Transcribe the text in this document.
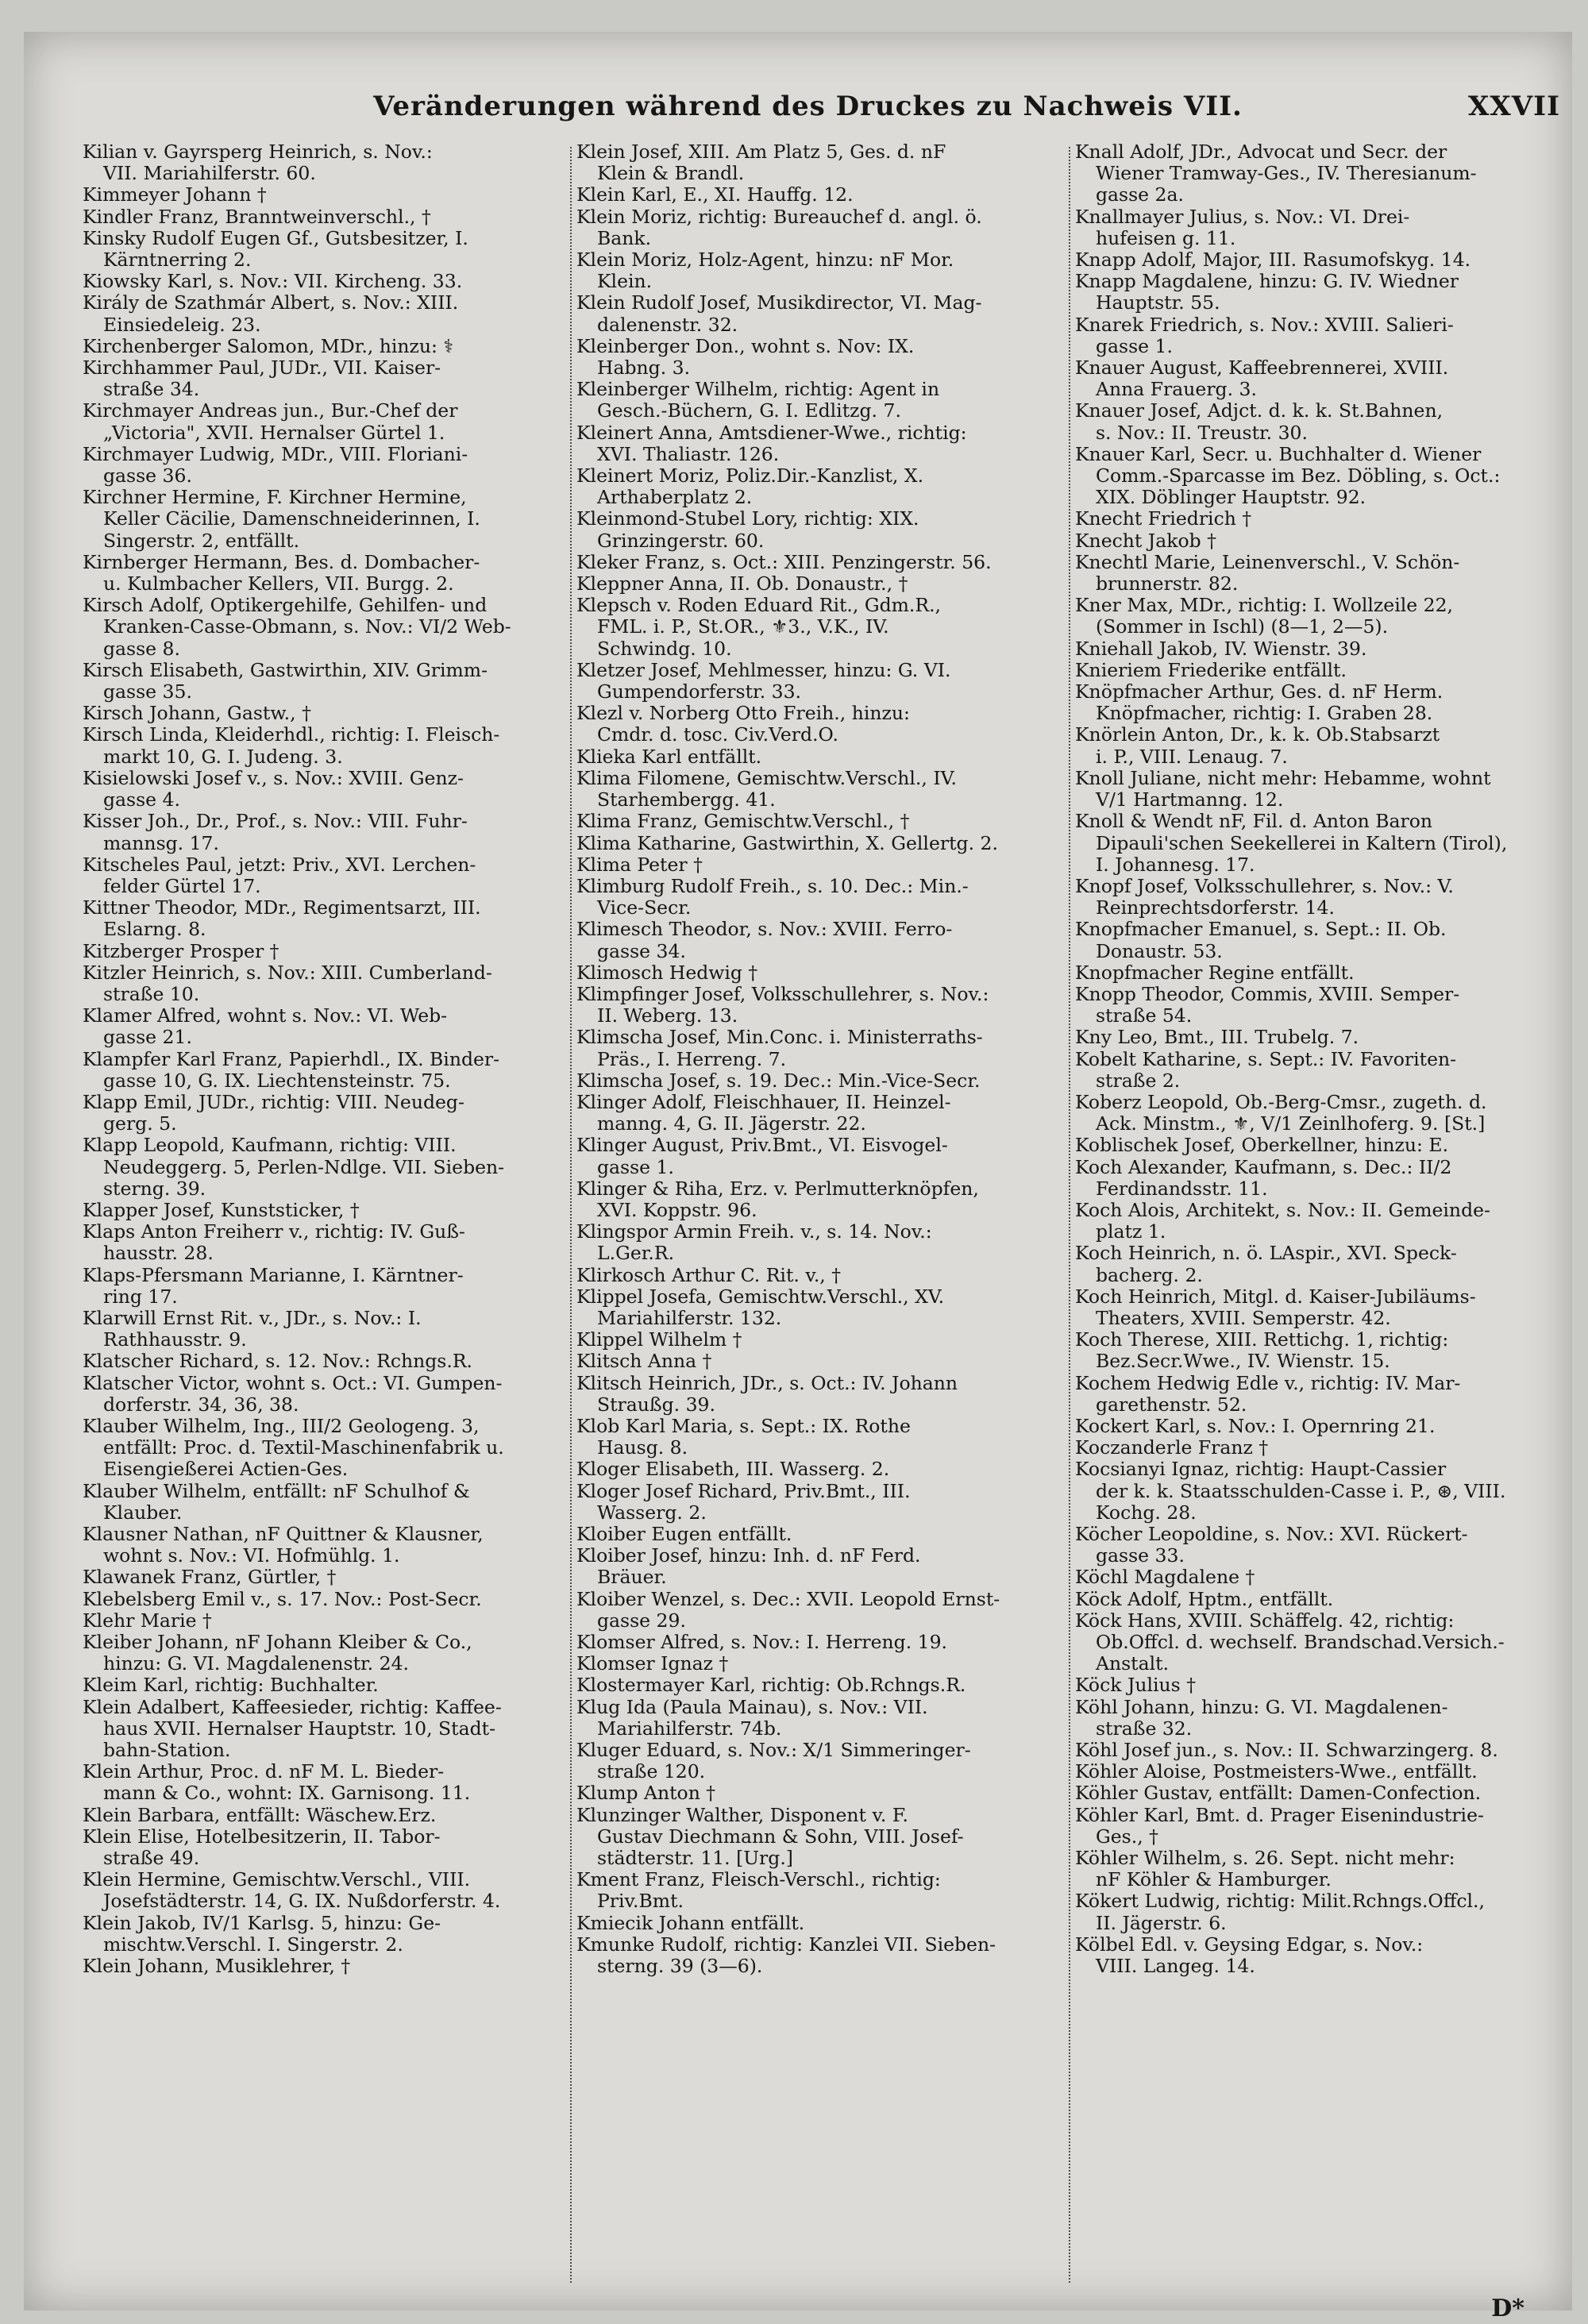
Veränderungen während des Druckes zu Nachweis VII.	XXVII
Kilian v. Gayrsperg Heinrich, s. Nov.:
VII. Mariahilferstr. 60.
Kimmeyer Johann †
Kindler Franz, Branntweinverschl., †
Kinsky Rudolf Eugen Gf., Gutsbesitzer, I.
Kärntnerring 2.
Kiowsky Karl, s. Nov.: VII. Kircheng. 33.
Király de Szathmár Albert, s. Nov.: XIII.
Einsiedeleig. 23.
Kirchenberger Salomon, MDr., hinzu: ⚕
Kirchhammer Paul, JUDr., VII. Kaiser-
straße 34.
Kirchmayer Andreas jun., Bur.-Chef der
„Victoria", XVII. Hernalser Gürtel 1.
Kirchmayer Ludwig, MDr., VIII. Floriani-
gasse 36.
Kirchner Hermine, F. Kirchner Hermine,
Keller Cäcilie, Damenschneiderinnen, I.
Singerstr. 2, entfällt.
Kirnberger Hermann, Bes. d. Dombacher-
u. Kulmbacher Kellers, VII. Burgg. 2.
Kirsch Adolf, Optikergehilfe, Gehilfen- und
Kranken-Casse-Obmann, s. Nov.: VI/2 Web-
gasse 8.
Kirsch Elisabeth, Gastwirthin, XIV. Grimm-
gasse 35.
Kirsch Johann, Gastw., †
Kirsch Linda, Kleiderhdl., richtig: I. Fleisch-
markt 10, G. I. Judeng. 3.
Kisielowski Josef v., s. Nov.: XVIII. Genz-
gasse 4.
Kisser Joh., Dr., Prof., s. Nov.: VIII. Fuhr-
mannsg. 17.
Kitscheles Paul, jetzt: Priv., XVI. Lerchen-
felder Gürtel 17.
Kittner Theodor, MDr., Regimentsarzt, III.
Eslarng. 8.
Kitzberger Prosper †
Kitzler Heinrich, s. Nov.: XIII. Cumberland-
straße 10.
Klamer Alfred, wohnt s. Nov.: VI. Web-
gasse 21.
Klampfer Karl Franz, Papierhdl., IX. Binder-
gasse 10, G. IX. Liechtensteinstr. 75.
Klapp Emil, JUDr., richtig: VIII. Neudeg-
gerg. 5.
Klapp Leopold, Kaufmann, richtig: VIII.
Neudeggerg. 5, Perlen-Ndlge. VII. Sieben-
sterng. 39.
Klapper Josef, Kunststicker, †
Klaps Anton Freiherr v., richtig: IV. Guß-
hausstr. 28.
Klaps-Pfersmann Marianne, I. Kärntner-
ring 17.
Klarwill Ernst Rit. v., JDr., s. Nov.: I.
Rathhausstr. 9.
Klatscher Richard, s. 12. Nov.: Rchngs.R.
Klatscher Victor, wohnt s. Oct.: VI. Gumpen-
dorferstr. 34, 36, 38.
Klauber Wilhelm, Ing., III/2 Geologeng. 3,
entfällt: Proc. d. Textil-Maschinenfabrik u.
Eisengießerei Actien-Ges.
Klauber Wilhelm, entfällt: nF Schulhof &
Klauber.
Klausner Nathan, nF Quittner & Klausner,
wohnt s. Nov.: VI. Hofmühlg. 1.
Klawanek Franz, Gürtler, †
Klebelsberg Emil v., s. 17. Nov.: Post-Secr.
Klehr Marie †
Kleiber Johann, nF Johann Kleiber & Co.,
hinzu: G. VI. Magdalenenstr. 24.
Kleim Karl, richtig: Buchhalter.
Klein Adalbert, Kaffeesieder, richtig: Kaffee-
haus XVII. Hernalser Hauptstr. 10, Stadt-
bahn-Station.
Klein Arthur, Proc. d. nF M. L. Bieder-
mann & Co., wohnt: IX. Garnisong. 11.
Klein Barbara, entfällt: Wäschew.Erz.
Klein Elise, Hotelbesitzerin, II. Tabor-
straße 49.
Klein Hermine, Gemischtw.Verschl., VIII.
Josefstädterstr. 14, G. IX. Nußdorferstr. 4.
Klein Jakob, IV/1 Karlsg. 5, hinzu: Ge-
mischtw.Verschl. I. Singerstr. 2.
Klein Johann, Musiklehrer, †
Klein Josef, XIII. Am Platz 5, Ges. d. nF
Klein & Brandl.
Klein Karl, E., XI. Hauffg. 12.
Klein Moriz, richtig: Bureauchef d. angl. ö.
Bank.
Klein Moriz, Holz-Agent, hinzu: nF Mor.
Klein.
Klein Rudolf Josef, Musikdirector, VI. Mag-
dalenenstr. 32.
Kleinberger Don., wohnt s. Nov: IX.
Habng. 3.
Kleinberger Wilhelm, richtig: Agent in
Gesch.-Büchern, G. I. Edlitzg. 7.
Kleinert Anna, Amtsdiener-Wwe., richtig:
XVI. Thaliastr. 126.
Kleinert Moriz, Poliz.Dir.-Kanzlist, X.
Arthaberplatz 2.
Kleinmond-Stubel Lory, richtig: XIX.
Grinzingerstr. 60.
Kleker Franz, s. Oct.: XIII. Penzingerstr. 56.
Kleppner Anna, II. Ob. Donaustr., †
Klepsch v. Roden Eduard Rit., Gdm.R.,
FML. i. P., St.OR., ⚜3., V.K., IV.
Schwindg. 10.
Kletzer Josef, Mehlmesser, hinzu: G. VI.
Gumpendorferstr. 33.
Klezl v. Norberg Otto Freih., hinzu:
Cmdr. d. tosc. Civ.Verd.O.
Klieka Karl entfällt.
Klima Filomene, Gemischtw.Verschl., IV.
Starhembergg. 41.
Klima Franz, Gemischtw.Verschl., †
Klima Katharine, Gastwirthin, X. Gellertg. 2.
Klima Peter †
Klimburg Rudolf Freih., s. 10. Dec.: Min.-
Vice-Secr.
Klimesch Theodor, s. Nov.: XVIII. Ferro-
gasse 34.
Klimosch Hedwig †
Klimpfinger Josef, Volksschullehrer, s. Nov.:
II. Weberg. 13.
Klimscha Josef, Min.Conc. i. Ministerraths-
Präs., I. Herreng. 7.
Klimscha Josef, s. 19. Dec.: Min.-Vice-Secr.
Klinger Adolf, Fleischhauer, II. Heinzel-
manng. 4, G. II. Jägerstr. 22.
Klinger August, Priv.Bmt., VI. Eisvogel-
gasse 1.
Klinger & Riha, Erz. v. Perlmutterknöpfen,
XVI. Koppstr. 96.
Klingspor Armin Freih. v., s. 14. Nov.:
L.Ger.R.
Klirkosch Arthur C. Rit. v., †
Klippel Josefa, Gemischtw.Verschl., XV.
Mariahilferstr. 132.
Klippel Wilhelm †
Klitsch Anna †
Klitsch Heinrich, JDr., s. Oct.: IV. Johann
Straußg. 39.
Klob Karl Maria, s. Sept.: IX. Rothe
Hausg. 8.
Kloger Elisabeth, III. Wasserg. 2.
Kloger Josef Richard, Priv.Bmt., III.
Wasserg. 2.
Kloiber Eugen entfällt.
Kloiber Josef, hinzu: Inh. d. nF Ferd.
Bräuer.
Kloiber Wenzel, s. Dec.: XVII. Leopold Ernst-
gasse 29.
Klomser Alfred, s. Nov.: I. Herreng. 19.
Klomser Ignaz †
Klostermayer Karl, richtig: Ob.Rchngs.R.
Klug Ida (Paula Mainau), s. Nov.: VII.
Mariahilferstr. 74b.
Kluger Eduard, s. Nov.: X/1 Simmeringer-
straße 120.
Klump Anton †
Klunzinger Walther, Disponent v. F.
Gustav Diechmann & Sohn, VIII. Josef-
städterstr. 11. [Urg.]
Kment Franz, Fleisch-Verschl., richtig:
Priv.Bmt.
Kmiecik Johann entfällt.
Kmunke Rudolf, richtig: Kanzlei VII. Sieben-
sterng. 39 (3—6).
Knall Adolf, JDr., Advocat und Secr. der
Wiener Tramway-Ges., IV. Theresianum-
gasse 2a.
Knallmayer Julius, s. Nov.: VI. Drei-
hufeisen g. 11.
Knapp Adolf, Major, III. Rasumofskyg. 14.
Knapp Magdalene, hinzu: G. IV. Wiedner
Hauptstr. 55.
Knarek Friedrich, s. Nov.: XVIII. Salieri-
gasse 1.
Knauer August, Kaffeebrennerei, XVIII.
Anna Frauerg. 3.
Knauer Josef, Adjct. d. k. k. St.Bahnen,
s. Nov.: II. Treustr. 30.
Knauer Karl, Secr. u. Buchhalter d. Wiener
Comm.-Sparcasse im Bez. Döbling, s. Oct.:
XIX. Döblinger Hauptstr. 92.
Knecht Friedrich †
Knecht Jakob †
Knechtl Marie, Leinenverschl., V. Schön-
brunnerstr. 82.
Kner Max, MDr., richtig: I. Wollzeile 22,
(Sommer in Ischl) (8—1, 2—5).
Kniehall Jakob, IV. Wienstr. 39.
Knieriem Friederike entfällt.
Knöpfmacher Arthur, Ges. d. nF Herm.
Knöpfmacher, richtig: I. Graben 28.
Knörlein Anton, Dr., k. k. Ob.Stabsarzt
i. P., VIII. Lenaug. 7.
Knoll Juliane, nicht mehr: Hebamme, wohnt
V/1 Hartmanng. 12.
Knoll & Wendt nF, Fil. d. Anton Baron
Dipauli'schen Seekellerei in Kaltern (Tirol),
I. Johannesg. 17.
Knopf Josef, Volksschullehrer, s. Nov.: V.
Reinprechtsdorferstr. 14.
Knopfmacher Emanuel, s. Sept.: II. Ob.
Donaustr. 53.
Knopfmacher Regine entfällt.
Knopp Theodor, Commis, XVIII. Semper-
straße 54.
Kny Leo, Bmt., III. Trubelg. 7.
Kobelt Katharine, s. Sept.: IV. Favoriten-
straße 2.
Koberz Leopold, Ob.-Berg-Cmsr., zugeth. d.
Ack. Minstm., ⚜, V/1 Zeinlhoferg. 9. [St.]
Koblischek Josef, Oberkellner, hinzu: E.
Koch Alexander, Kaufmann, s. Dec.: II/2
Ferdinandsstr. 11.
Koch Alois, Architekt, s. Nov.: II. Gemeinde-
platz 1.
Koch Heinrich, n. ö. LAspir., XVI. Speck-
bacherg. 2.
Koch Heinrich, Mitgl. d. Kaiser-Jubiläums-
Theaters, XVIII. Semperstr. 42.
Koch Therese, XIII. Rettichg. 1, richtig:
Bez.Secr.Wwe., IV. Wienstr. 15.
Kochem Hedwig Edle v., richtig: IV. Mar-
garethenstr. 52.
Kockert Karl, s. Nov.: I. Opernring 21.
Koczanderle Franz †
Kocsianyi Ignaz, richtig: Haupt-Cassier
der k. k. Staatsschulden-Casse i. P., ⊛, VIII.
Kochg. 28.
Köcher Leopoldine, s. Nov.: XVI. Rückert-
gasse 33.
Köchl Magdalene †
Köck Adolf, Hptm., entfällt.
Köck Hans, XVIII. Schäffelg. 42, richtig:
Ob.Offcl. d. wechself. Brandschad.Versich.-
Anstalt.
Köck Julius †
Köhl Johann, hinzu: G. VI. Magdalenen-
straße 32.
Köhl Josef jun., s. Nov.: II. Schwarzingerg. 8.
Köhler Aloise, Postmeisters-Wwe., entfällt.
Köhler Gustav, entfällt: Damen-Confection.
Köhler Karl, Bmt. d. Prager Eisenindustrie-
Ges., †
Köhler Wilhelm, s. 26. Sept. nicht mehr:
nF Köhler & Hamburger.
Kökert Ludwig, richtig: Milit.Rchngs.Offcl.,
II. Jägerstr. 6.
Kölbel Edl. v. Geysing Edgar, s. Nov.:
VIII. Langeg. 14.
D*
